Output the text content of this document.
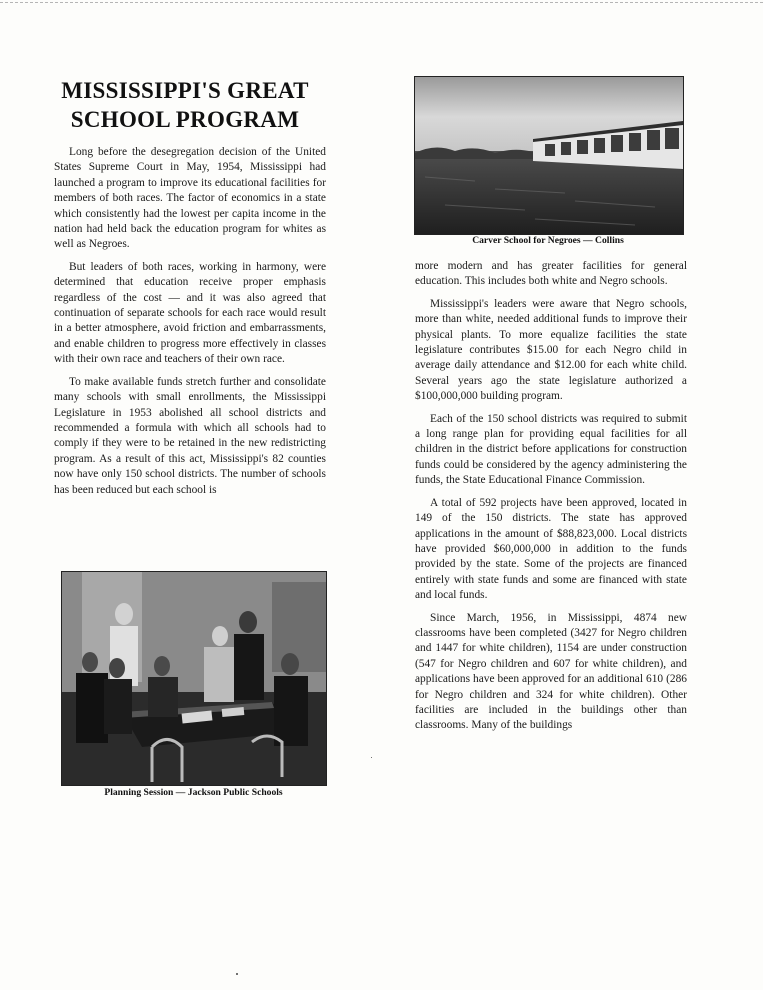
MISSISSIPPI'S GREAT
SCHOOL PROGRAM

Long before the desegregation decision of the United States Supreme Court in May, 1954, Mississippi had launched a program to improve its educational facilities for members of both races. The factor of economics in a state which consistently had the lowest per capita income in the nation had held back the education program for whites as well as Negroes.

But leaders of both races, working in harmony, were determined that education receive proper emphasis regardless of the cost — and it was also agreed that continuation of separate schools for each race would result in a better atmosphere, avoid friction and embarrassments, and enable children to progress more effectively in classes with their own race and teachers of their own race.

To make available funds stretch further and consolidate many schools with small enrollments, the Mississippi Legislature in 1953 abolished all school districts and recommended a formula with which all schools had to comply if they were to be retained in the new redistricting program. As a result of this act, Mississippi's 82 counties now have only 150 school districts. The number of schools has been reduced but each school is

Carver School for Negroes — Collins

more modern and has greater facilities for general education. This includes both white and Negro schools.

Mississippi's leaders were aware that Negro schools, more than white, needed additional funds to improve their physical plants. To more equalize facilities the state legislature contributes $15.00 for each Negro child in average daily attendance and $12.00 for each white child. Several years ago the state legislature authorized a $100,000,000 building program.

Each of the 150 school districts was required to submit a long range plan for providing equal facilities for all children in the district before applications for construction funds could be considered by the agency administering the funds, the State Educational Finance Commission.

A total of 592 projects have been approved, located in 149 of the 150 districts. The state has approved applications in the amount of $88,823,000. Local districts have provided $60,000,000 in addition to the funds provided by the state. Some of the projects are financed entirely with state funds and some are financed with state and local funds.

Since March, 1956, in Mississippi, 4874 new classrooms have been completed (3427 for Negro children and 1447 for white children), 1154 are under construction (547 for Negro children and 607 for white children), and applications have been approved for an additional 610 (286 for Negro children and 324 for white children). Other facilities are included in the buildings other than classrooms. Many of the buildings

Planning Session — Jackson Public Schools
